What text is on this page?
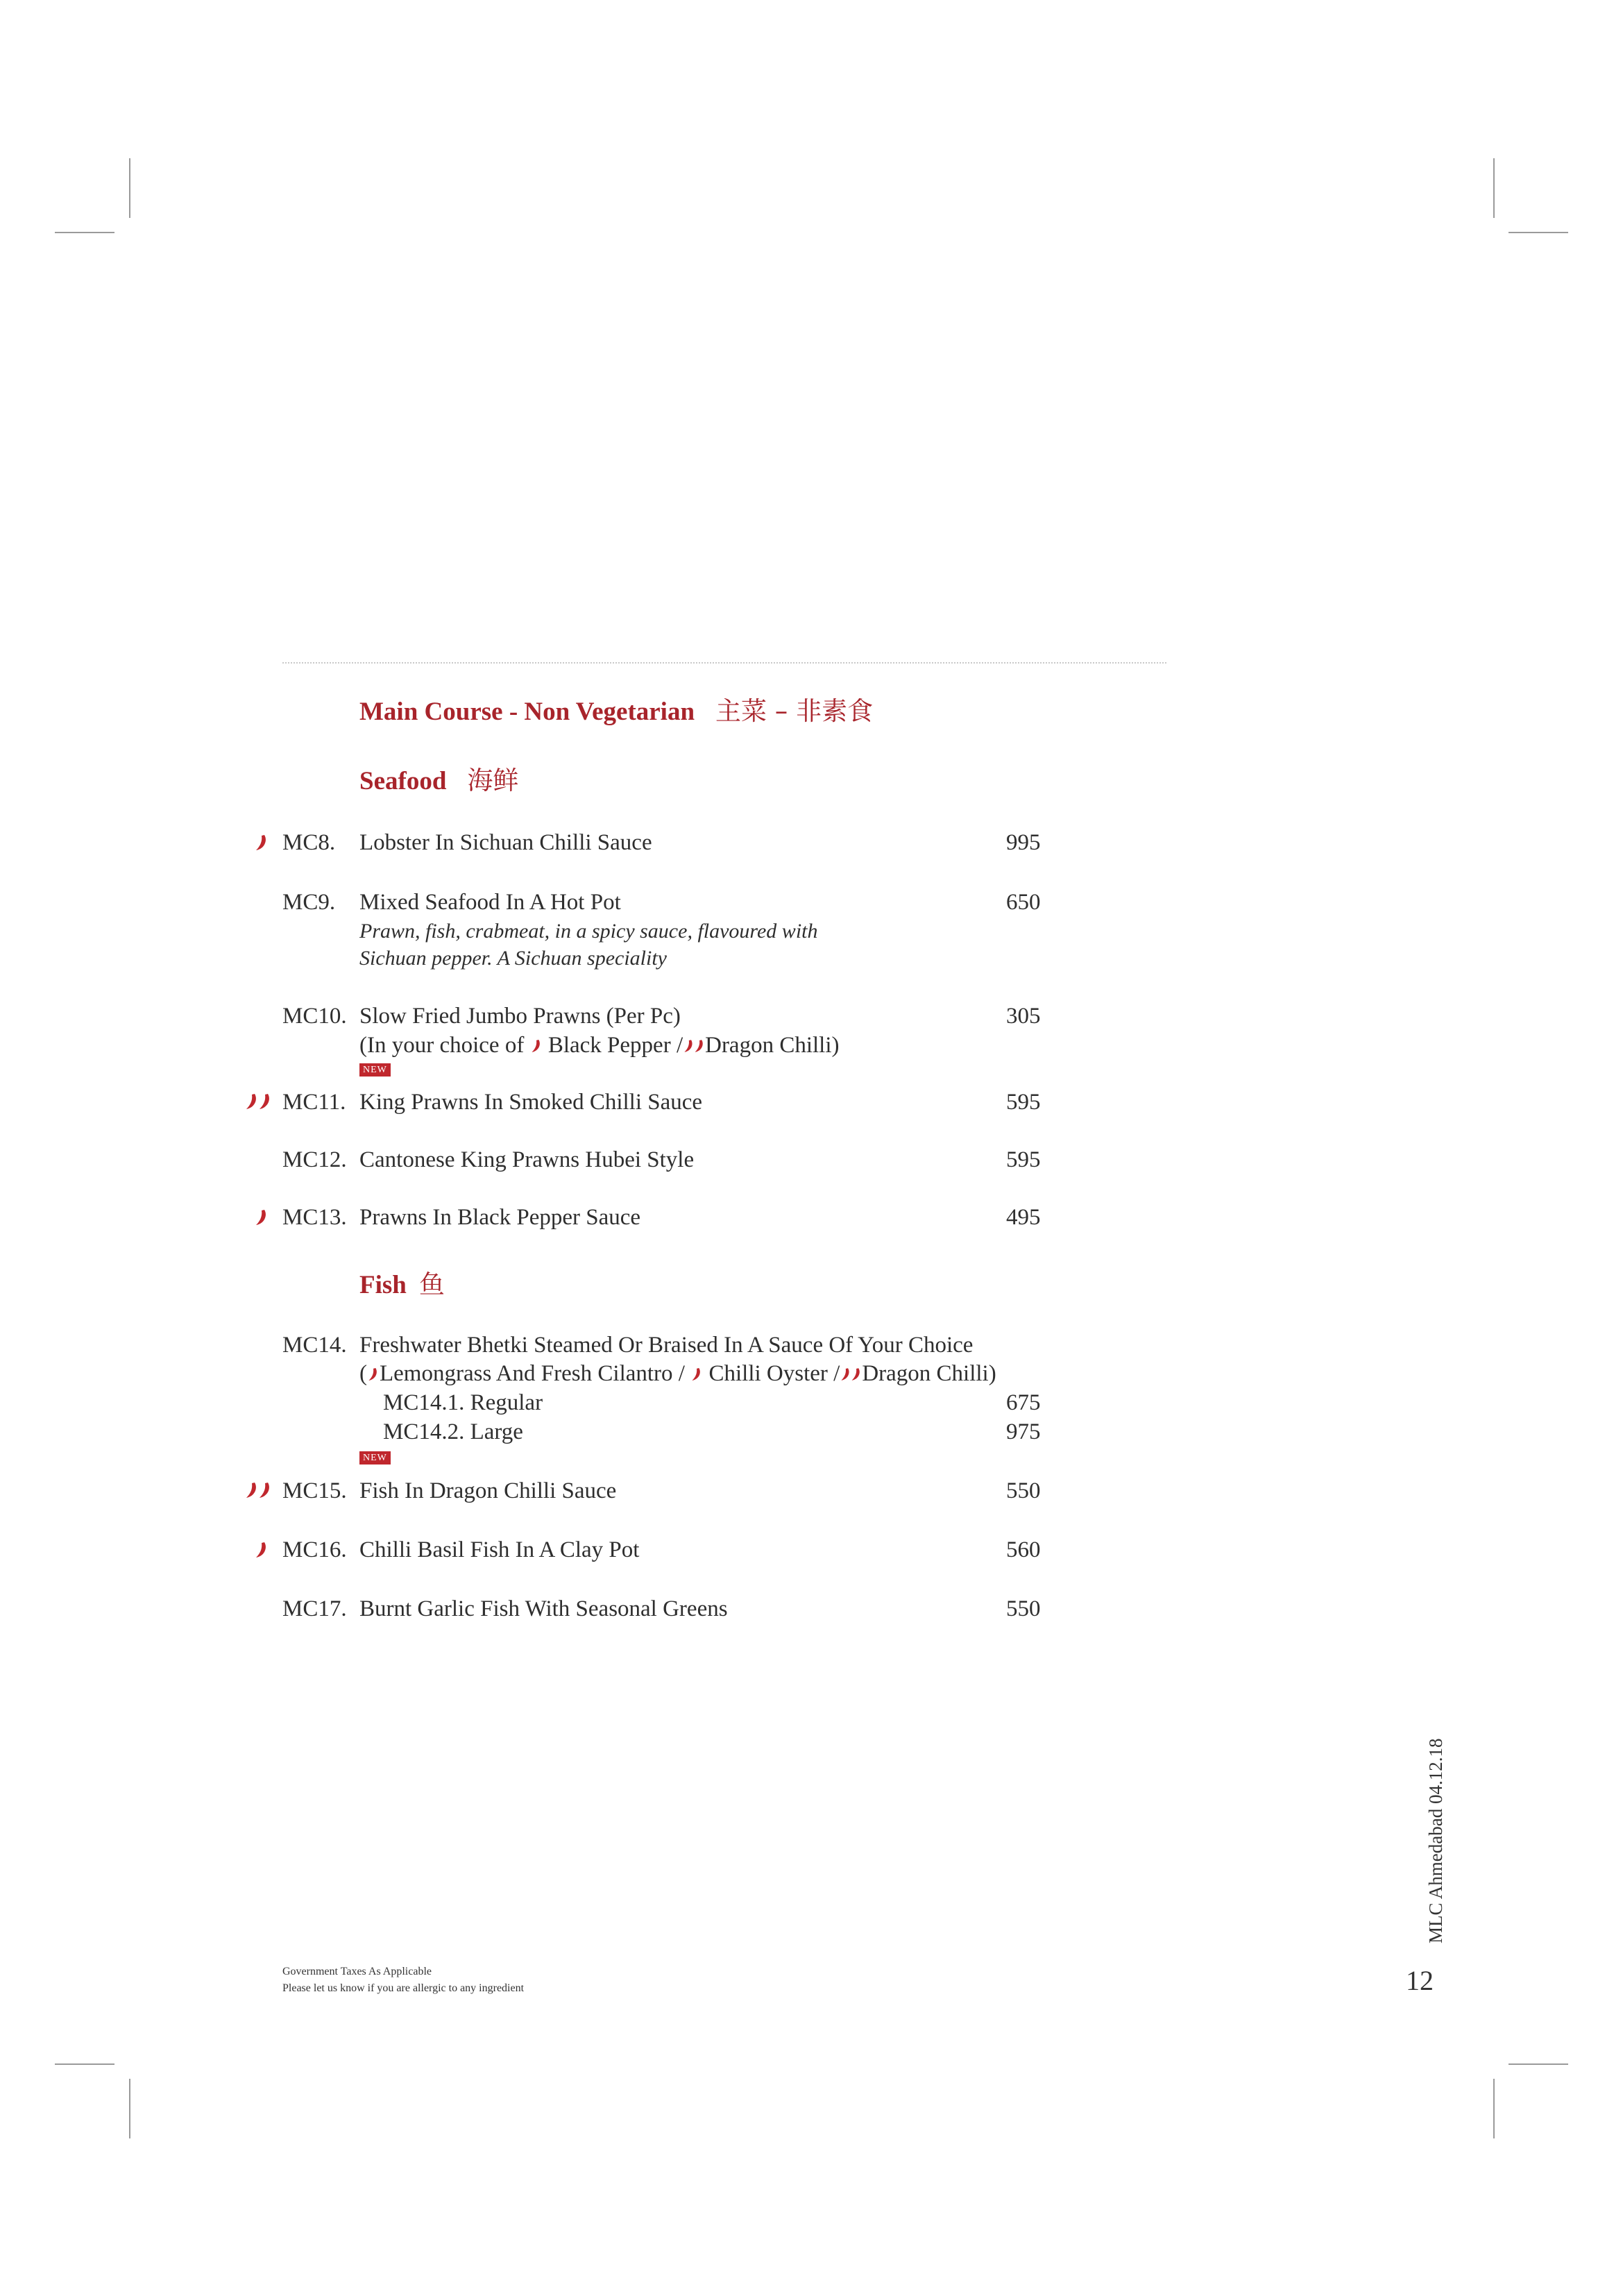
Main Course - Non Vegetarian 主菜 – 非素食
Seafood 海鲜
MC8. Lobster In Sichuan Chilli Sauce	995
MC9. Mixed Seafood In A Hot Pot	650
Prawn, fish, crabmeat, in a spicy sauce, flavoured with
Sichuan pepper. A Sichuan speciality
MC10. Slow Fried Jumbo Prawns (Per Pc)	305
(In your choice of Black Pepper / Dragon Chilli)
NEW
MC11. King Prawns In Smoked Chilli Sauce	595
MC12. Cantonese King Prawns Hubei Style	595
MC13. Prawns In Black Pepper Sauce	495
Fish 鱼
MC14. Freshwater Bhetki Steamed Or Braised In A Sauce Of Your Choice
( Lemongrass And Fresh Cilantro / Chilli Oyster / Dragon Chilli)
MC14.1. Regular	675
MC14.2. Large	975
NEW
MC15. Fish In Dragon Chilli Sauce	550
MC16. Chilli Basil Fish In A Clay Pot	560
MC17. Burnt Garlic Fish With Seasonal Greens	550
Government Taxes As Applicable
Please let us know if you are allergic to any ingredient
MLC Ahmedabad 04.12.18
12
